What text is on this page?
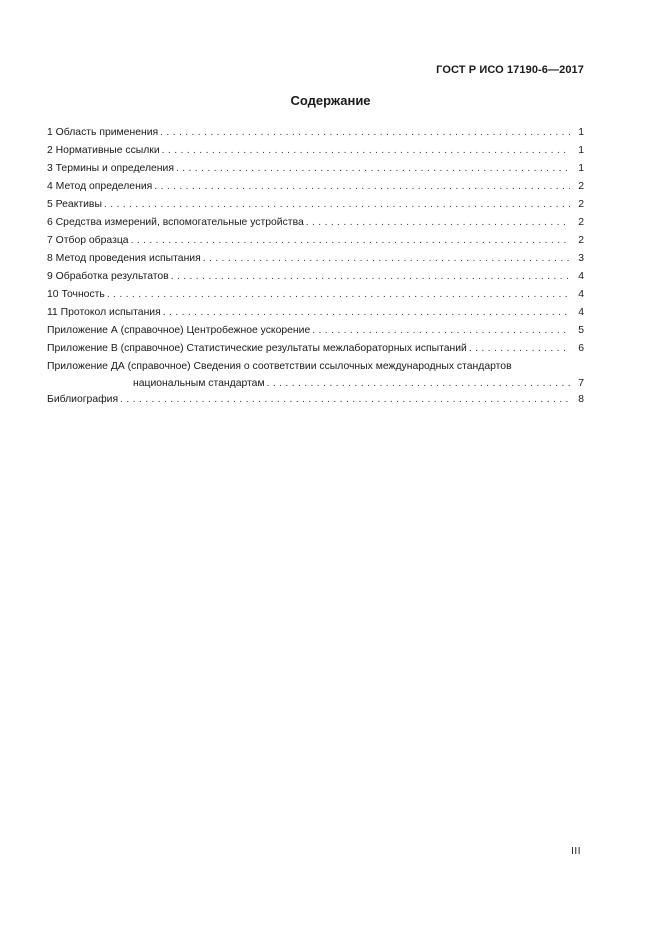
ГОСТ Р ИСО 17190-6—2017
Содержание
1 Область применения . . .	1
2 Нормативные ссылки . . .	1
3 Термины и определения . . .	1
4 Метод определения . . .	2
5 Реактивы . . .	2
6 Средства измерений, вспомогательные устройства . . .	2
7 Отбор образца . . .	2
8 Метод проведения испытания . . .	3
9 Обработка результатов . . .	4
10 Точность . . .	4
11 Протокол испытания . . .	4
Приложение А (справочное) Центробежное ускорение . . .	5
Приложение В (справочное) Статистические результаты межлабораторных испытаний . . .	6
Приложение ДА (справочное) Сведения о соответствии ссылочных международных стандартов
национальным стандартам . . .	7
Библиография . . .	8
III
